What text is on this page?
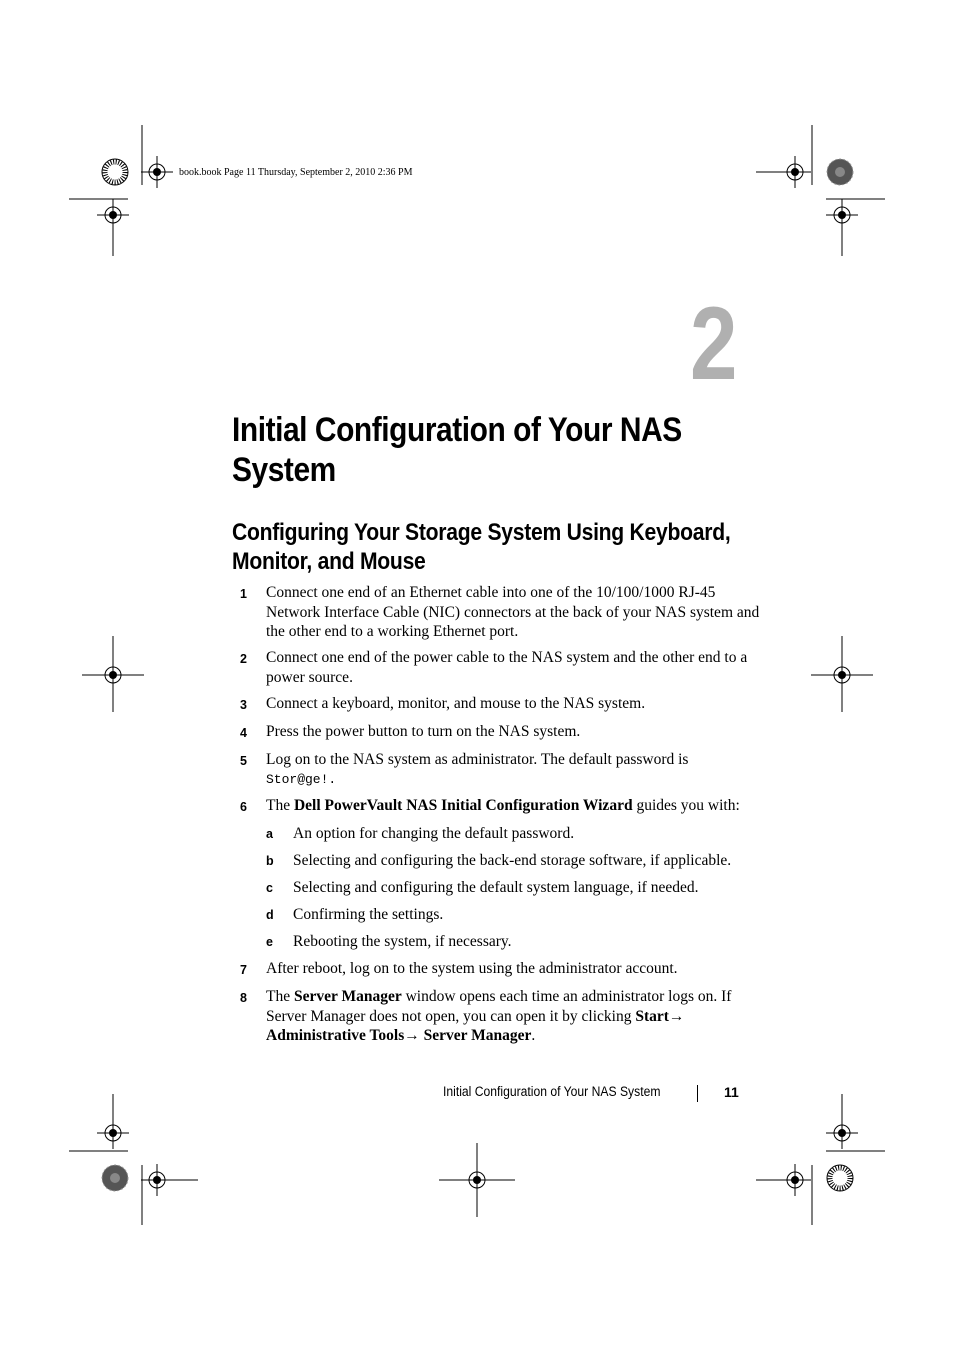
book.book Page 11 Thursday, September 2, 2010 2:36 PM
2
Initial Configuration of Your NAS System
Configuring Your Storage System Using Keyboard, Monitor, and Mouse
1	Connect one end of an Ethernet cable into one of the 10/100/1000 RJ-45 Network Interface Cable (NIC) connectors at the back of your NAS system and the other end to a working Ethernet port.
2	Connect one end of the power cable to the NAS system and the other end to a power source.
3	Connect a keyboard, monitor, and mouse to the NAS system.
4	Press the power button to turn on the NAS system.
5	Log on to the NAS system as administrator. The default password is
Stor@ge!.
6	The Dell PowerVault NAS Initial Configuration Wizard guides you with:
a	An option for changing the default password.
b	Selecting and configuring the back-end storage software, if applicable.
c	Selecting and configuring the default system language, if needed.
d	Confirming the settings.
e	Rebooting the system, if necessary.
7	After reboot, log on to the system using the administrator account.
8	The Server Manager window opens each time an administrator logs on. If Server Manager does not open, you can open it by clicking Start→ Administrative Tools→ Server Manager.
Initial Configuration of Your NAS System	11
